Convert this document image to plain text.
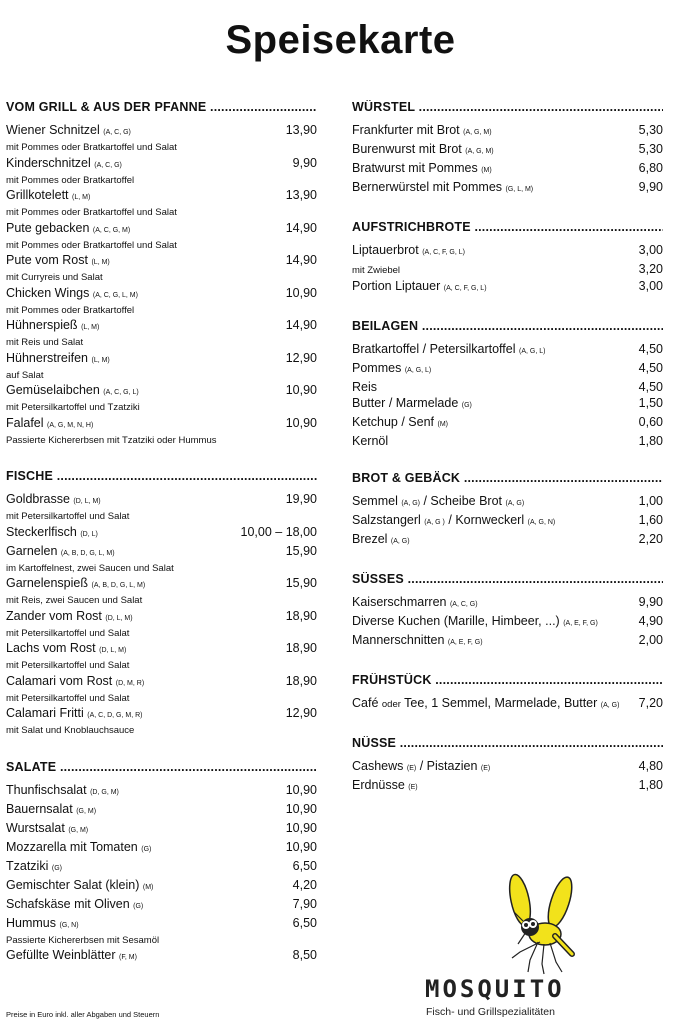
Speisekarte
VOM GRILL & AUS DER PFANNE .....
Wiener Schnitzel (A, C, G)	13,90
mit Pommes oder Bratkartoffel und Salat
Kinderschnitzel (A, C, G)	9,90
mit Pommes oder Bratkartoffel
Grillkotelett (L, M)	13,90
mit Pommes oder Bratkartoffel und Salat
Pute gebacken (A, C, G, M)	14,90
mit Pommes oder Bratkartoffel und Salat
Pute vom Rost (L, M)	14,90
mit Curryreis und Salat
Chicken Wings (A, C, G, L, M)	10,90
mit Pommes oder Bratkartoffel
Hühnerspieß (L, M)	14,90
mit Reis und Salat
Hühnerstreifen (L, M)	12,90
auf Salat
Gemüselaibchen (A, C, G, L)	10,90
mit Petersilkartoffel und Tzatziki
Falafel (A, G, M, N, H)	10,90
Passierte Kichererbsen mit Tzatziki oder Hummus
FISCHE .....
Goldbrasse (D, L, M)	19,90
mit Petersilkartoffel und Salat
Steckerlfisch (D, L)	10,00 – 18,00
Garnelen (A, B, D, G, L, M)	15,90
im Kartoffelnest, zwei Saucen und Salat
Garnelenspieß (A, B, D, G, L, M)	15,90
mit Reis, zwei Saucen und Salat
Zander vom Rost (D, L, M)	18,90
mit Petersilkartoffel und Salat
Lachs vom Rost (D, L, M)	18,90
mit Petersilkartoffel und Salat
Calamari vom Rost (D, M, R)	18,90
mit Petersilkartoffel und Salat
Calamari Fritti (A, C, D, G, M, R)	12,90
mit Salat und Knoblauchsauce
SALATE .....
Thunfischsalat (D, G, M)	10,90
Bauernsalat (G, M)	10,90
Wurstsalat (G, M)	10,90
Mozzarella mit Tomaten (G)	10,90
Tzatziki (G)	6,50
Gemischter Salat (klein) (M)	4,20
Schafskäse mit Oliven (G)	7,90
Hummus (G, N)	6,50
Passierte Kichererbsen mit Sesamöl
Gefüllte Weinblätter (F, M)	8,50
WÜRSTEL .....
Frankfurter mit Brot (A, G, M)	5,30
Burenwurst mit Brot (A, G, M)	5,30
Bratwurst mit Pommes (M)	6,80
Bernerwürstel mit Pommes (G, L, M)	9,90
AUFSTRICHBROTE .....
Liptauerbrot (A, C, F, G, L)	3,00
mit Zwiebel	3,20
Portion Liptauer (A, C, F, G, L)	3,00
BEILAGEN .....
Bratkartoffel / Petersilkartoffel (A, G, L)	4,50
Pommes (A, G, L)	4,50
Reis	4,50
Butter / Marmelade (G)	1,50
Ketchup / Senf (M)	0,60
Kernöl	1,80
BROT & GEBÄCK .....
Semmel (A, G) / Scheibe Brot (A, G)	1,00
Salzstangerl (A, G ) / Kornweckerl (A, G, N)	1,60
Brezel (A, G)	2,20
SÜSSES .....
Kaiserschmarren (A, C, G)	9,90
Diverse Kuchen (Marille, Himbeer, ...) (A, E, F, G)	4,90
Mannerschnitten (A, E, F, G)	2,00
FRÜHSTÜCK .....
Café oder Tee, 1 Semmel, Marmelade, Butter (A, G) 7,20
NÜSSE .....
Cashews (E) / Pistazien (E)	4,80
Erdnüsse (E)	1,80
Preise in Euro inkl. aller Abgaben und Steuern
MOSQUITO
Fisch- und Grillspezialitäten
